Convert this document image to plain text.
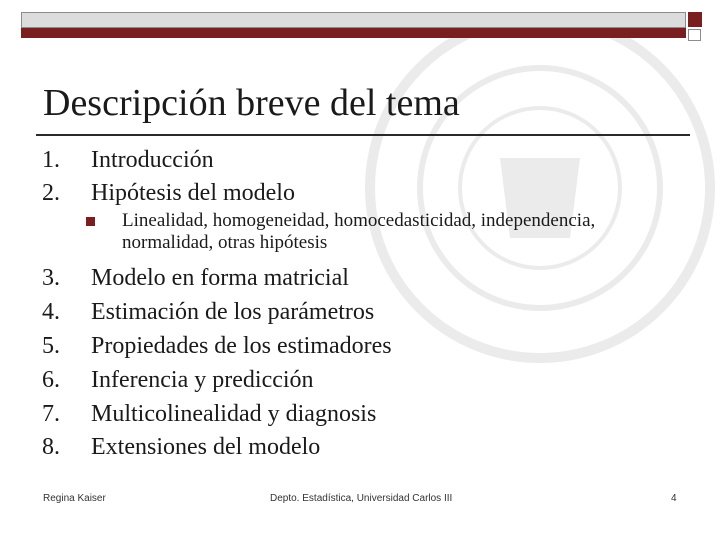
Descripción breve del tema
1. Introducción
2. Hipótesis del modelo
Linealidad, homogeneidad, homocedasticidad, independencia, normalidad, otras hipótesis
3. Modelo en forma matricial
4. Estimación de los parámetros
5. Propiedades de los estimadores
6. Inferencia y predicción
7. Multicolinealidad y diagnosis
8. Extensiones del modelo
Regina Kaiser	Depto. Estadística, Universidad Carlos III	4
